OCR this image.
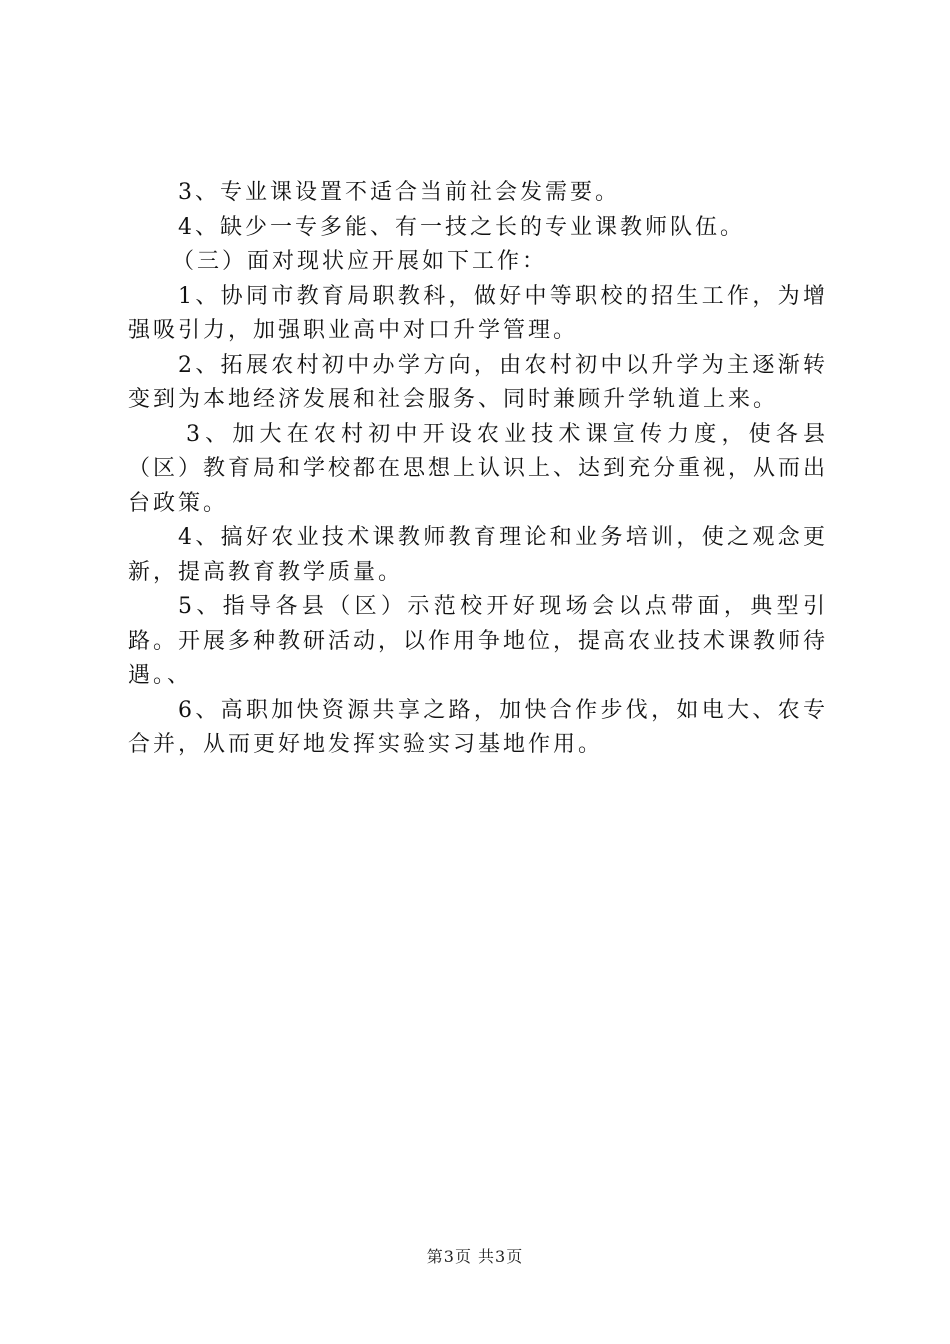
3、专业课设置不适合当前社会发需要。

4、缺少一专多能、有一技之长的专业课教师队伍。

（三）面对现状应开展如下工作：

1、协同市教育局职教科，做好中等职校的招生工作，为增强吸引力，加强职业高中对口升学管理。

2、拓展农村初中办学方向，由农村初中以升学为主逐渐转变到为本地经济发展和社会服务、同时兼顾升学轨道上来。

3、加大在农村初中开设农业技术课宣传力度，使各县（区）教育局和学校都在思想上认识上、达到充分重视，从而出台政策。

4、搞好农业技术课教师教育理论和业务培训，使之观念更新，提高教育教学质量。

5、指导各县（区）示范校开好现场会以点带面，典型引路。开展多种教研活动，以作用争地位，提高农业技术课教师待遇。、

6、高职加快资源共享之路，加快合作步伐，如电大、农专合并，从而更好地发挥实验实习基地作用。

第3页 共3页
